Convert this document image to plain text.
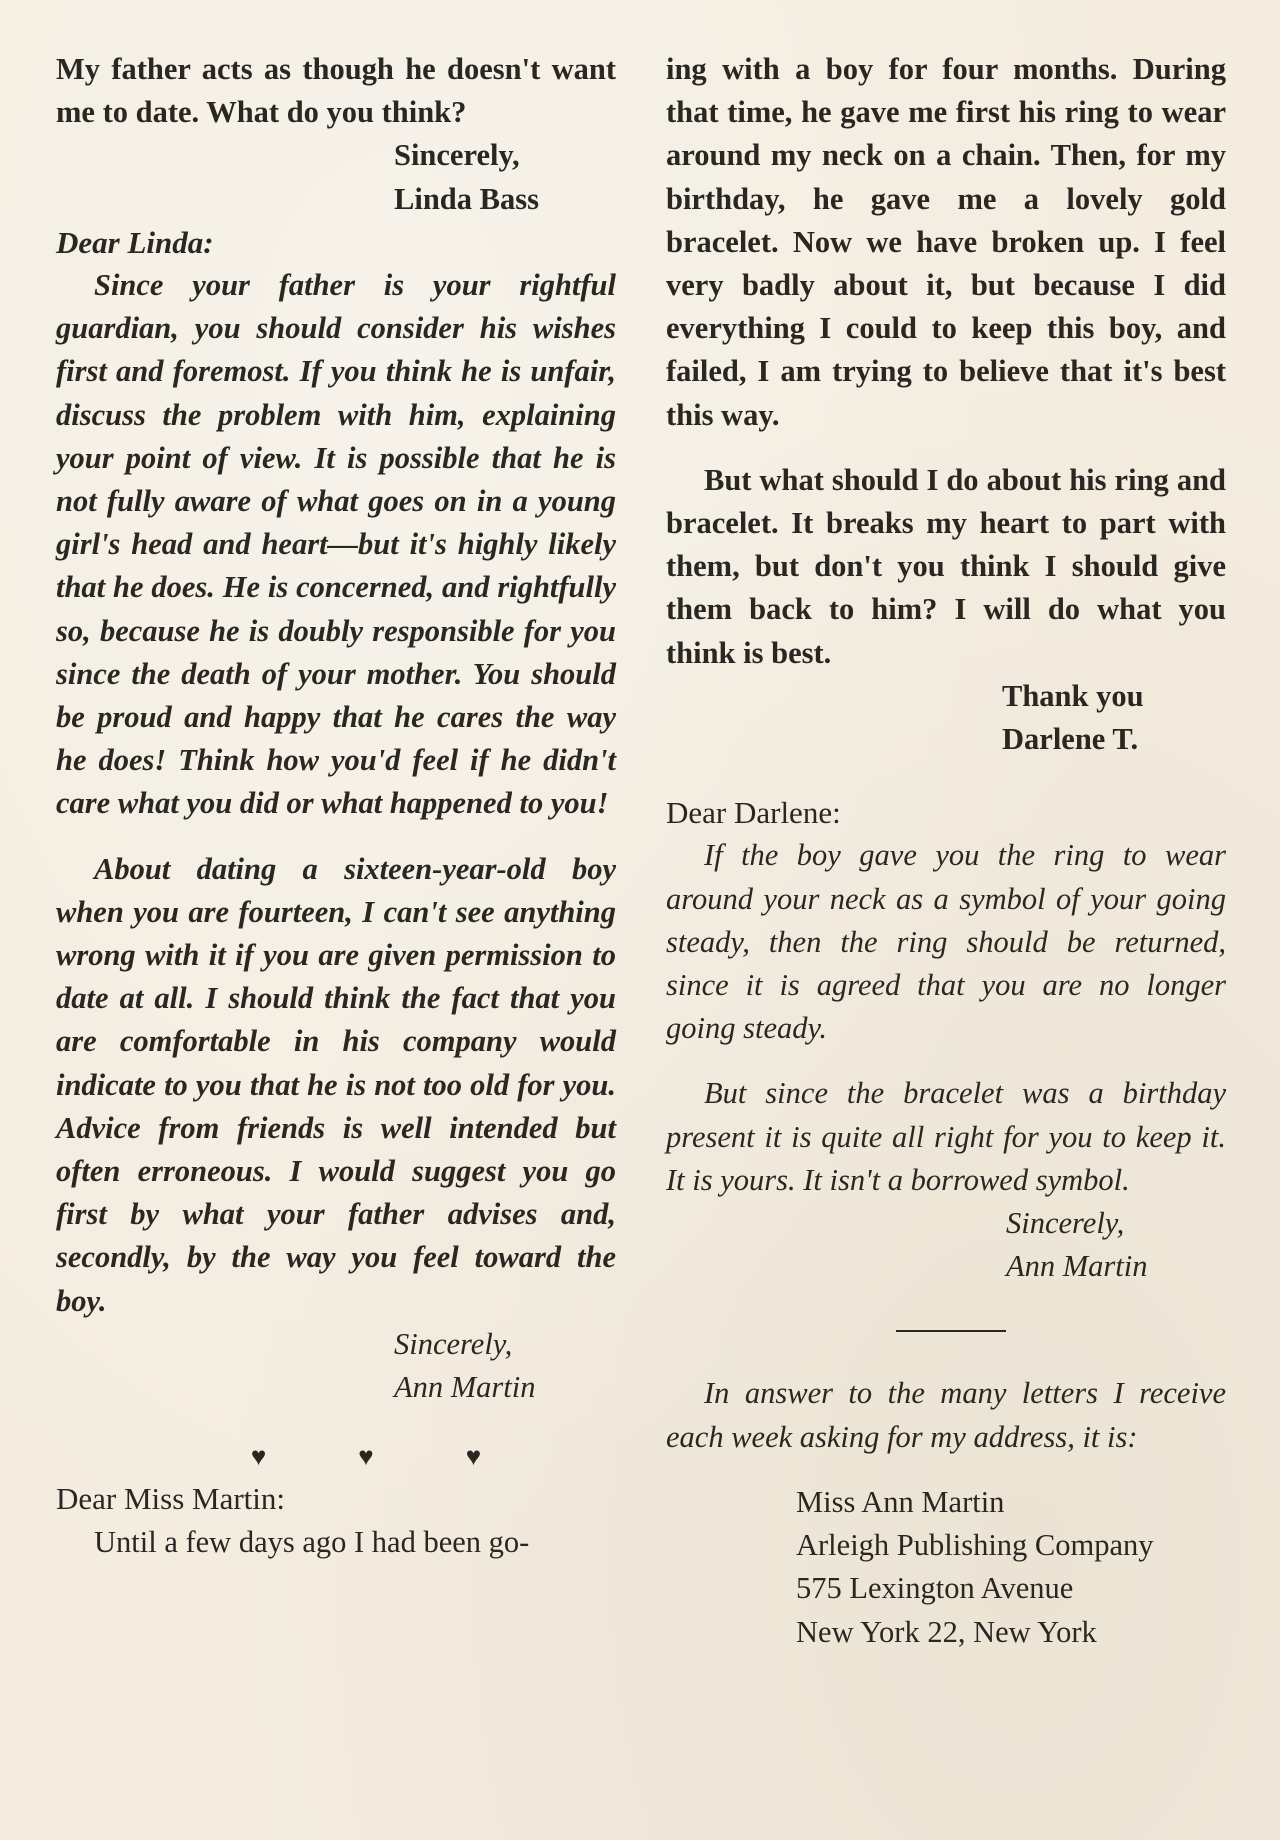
My father acts as though he doesn't want me to date. What do you think?

Sincerely,

Linda Bass

Dear Linda:

Since your father is your rightful guardian, you should consider his wishes first and foremost. If you think he is unfair, discuss the problem with him, explaining your point of view. It is possible that he is not fully aware of what goes on in a young girl's head and heart—but it's highly likely that he does. He is concerned, and rightfully so, because he is doubly responsible for you since the death of your mother. You should be proud and happy that he cares the way he does! Think how you'd feel if he didn't care what you did or what happened to you!

About dating a sixteen-year-old boy when you are fourteen, I can't see anything wrong with it if you are given permission to date at all. I should think the fact that you are comfortable in his company would indicate to you that he is not too old for you. Advice from friends is well intended but often erroneous. I would suggest you go first by what your father advises and, secondly, by the way you feel toward the boy.

Sincerely,

Ann Martin

♥	♥	♥

Dear Miss Martin:

Until a few days ago I had been go-

ing with a boy for four months. During that time, he gave me first his ring to wear around my neck on a chain. Then, for my birthday, he gave me a lovely gold bracelet. Now we have broken up. I feel very badly about it, but because I did everything I could to keep this boy, and failed, I am trying to believe that it's best this way.

But what should I do about his ring and bracelet. It breaks my heart to part with them, but don't you think I should give them back to him? I will do what you think is best.

Thank you

Darlene T.

Dear Darlene:

If the boy gave you the ring to wear around your neck as a symbol of your going steady, then the ring should be returned, since it is agreed that you are no longer going steady.

But since the bracelet was a birthday present it is quite all right for you to keep it. It is yours. It isn't a borrowed symbol.

Sincerely,

Ann Martin

In answer to the many letters I receive each week asking for my address, it is:

Miss Ann Martin

Arleigh Publishing Company

575 Lexington Avenue

New York 22, New York
